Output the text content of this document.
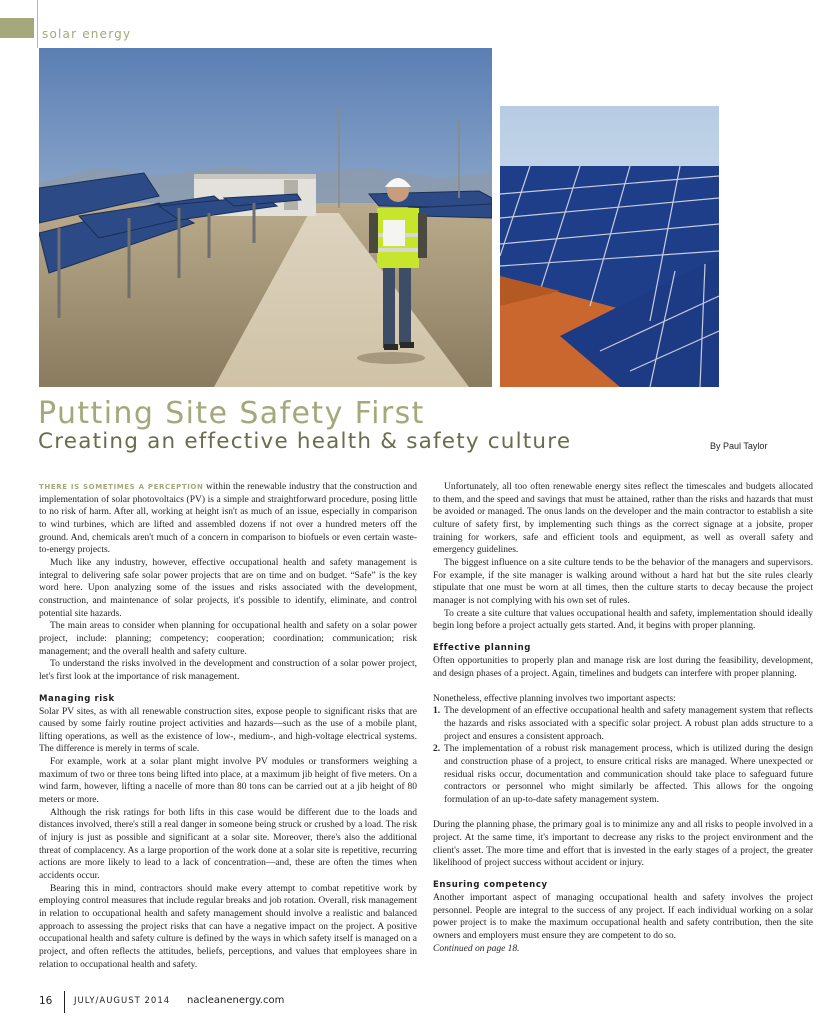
solar energy
Putting Site Safety First
Creating an effective health & safety culture	By Paul Taylor

THERE IS SOMETIMES A PERCEPTION within the renewable industry that the construction and implementation of solar photovoltaics (PV) is a simple and straightforward procedure, posing little to no risk of harm. After all, working at height isn't as much of an issue, especially in comparison to wind turbines, which are lifted and assembled dozens if not over a hundred meters off the ground. And, chemicals aren't much of a concern in comparison to biofuels or even certain waste-to-energy projects.

Much like any industry, however, effective occupational health and safety management is integral to delivering safe solar power projects that are on time and on budget. “Safe” is the key word here. Upon analyzing some of the issues and risks associated with the development, construction, and maintenance of solar projects, it's possible to identify, eliminate, and control potential site hazards.

The main areas to consider when planning for occupational health and safety on a solar power project, include: planning; competency; cooperation; coordination; communication; risk management; and the overall health and safety culture.

To understand the risks involved in the development and construction of a solar power project, let's first look at the importance of risk management.

Managing risk

Solar PV sites, as with all renewable construction sites, expose people to significant risks that are caused by some fairly routine project activities and hazards—such as the use of a mobile plant, lifting operations, as well as the existence of low-, medium-, and high-voltage electrical systems. The difference is merely in terms of scale.

For example, work at a solar plant might involve PV modules or transformers weighing a maximum of two or three tons being lifted into place, at a maximum jib height of five meters. On a wind farm, however, lifting a nacelle of more than 80 tons can be carried out at a jib height of 80 meters or more.

Although the risk ratings for both lifts in this case would be different due to the loads and distances involved, there's still a real danger in someone being struck or crushed by a load. The risk of injury is just as possible and significant at a solar site. Moreover, there's also the additional threat of complacency. As a large proportion of the work done at a solar site is repetitive, recurring actions are more likely to lead to a lack of concentration—and, these are often the times when accidents occur.

Bearing this in mind, contractors should make every attempt to combat repetitive work by employing control measures that include regular breaks and job rotation. Overall, risk management in relation to occupational health and safety management should involve a realistic and balanced approach to assessing the project risks that can have a negative impact on the project. A positive occupational health and safety culture is defined by the ways in which safety itself is managed on a project, and often reflects the attitudes, beliefs, perceptions, and values that employees share in relation to occupational health and safety.

Unfortunately, all too often renewable energy sites reflect the timescales and budgets allocated to them, and the speed and savings that must be attained, rather than the risks and hazards that must be avoided or managed. The onus lands on the developer and the main contractor to establish a site culture of safety first, by implementing such things as the correct signage at a jobsite, proper training for workers, safe and efficient tools and equipment, as well as overall safety and emergency guidelines.

The biggest influence on a site culture tends to be the behavior of the managers and supervisors. For example, if the site manager is walking around without a hard hat but the site rules clearly stipulate that one must be worn at all times, then the culture starts to decay because the project manager is not complying with his own set of rules.

To create a site culture that values occupational health and safety, implementation should ideally begin long before a project actually gets started. And, it begins with proper planning.

Effective planning

Often opportunities to properly plan and manage risk are lost during the feasibility, development, and design phases of a project. Again, timelines and budgets can interfere with proper planning.

Nonetheless, effective planning involves two important aspects:

1. The development of an effective occupational health and safety management system that reflects the hazards and risks associated with a specific solar project. A robust plan adds structure to a project and ensures a consistent approach.
2. The implementation of a robust risk management process, which is utilized during the design and construction phase of a project, to ensure critical risks are managed. Where unexpected or residual risks occur, documentation and communication should take place to safeguard future contractors or personnel who might similarly be affected. This allows for the ongoing formulation of an up-to-date safety management system.

During the planning phase, the primary goal is to minimize any and all risks to people involved in a project. At the same time, it's important to decrease any risks to the project environment and the client's asset. The more time and effort that is invested in the early stages of a project, the greater likelihood of project success without accident or injury.

Ensuring competency

Another important aspect of managing occupational health and safety involves the project personnel. People are integral to the success of any project. If each individual working on a solar power project is to make the maximum occupational health and safety contribution, then the site owners and employers must ensure they are competent to do so.

Continued on page 18.

16	JULY/AUGUST 2014 nacleanenergy.com
